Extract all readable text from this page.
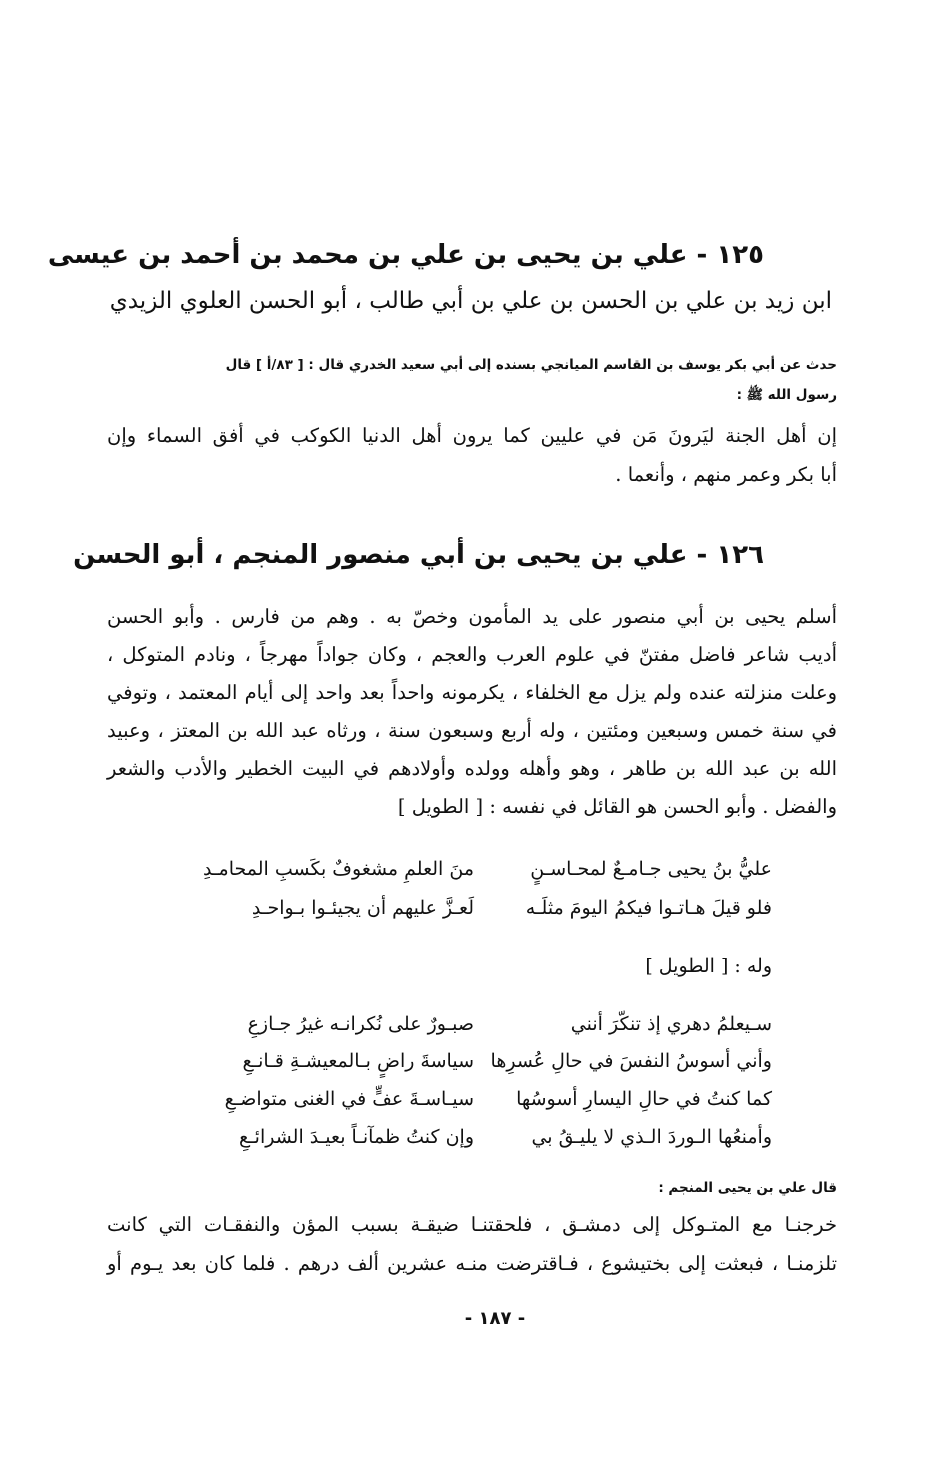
١٢٥ - علي بن يحيى بن علي بن محمد بن أحمد بن عيسى
ابن زيد بن علي بن الحسن بن علي بن أبي طالب ، أبو الحسن العلوي الزيدي
حدث عن أبي بكر يوسف بن القاسم الميانجي بسنده إلى أبي سعيد الخدري قال : [ ٨٣/أ ] قال
رسول الله ﷺ :
إن أهل الجنة ليَرونَ مَن في عليين كما يرون أهل الدنيا الكوكب في أفق السماء وإن
أبا بكر وعمر منهم ، وأنعما .
١٢٦ - علي بن يحيى بن أبي منصور المنجم ، أبو الحسن
أسلم يحيى بن أبي منصور على يد المأمون وخصّ به . وهم من فارس . وأبو الحسن
أديب شاعر فاضل مفتنّ في علوم العرب والعجم ، وكان جواداً مهرجاً ، ونادم المتوكل ،
وعلت منزلته عنده ولم يزل مع الخلفاء ، يكرمونه واحداً بعد واحد إلى أيام المعتمد ، وتوفي
في سنة خمس وسبعين ومئتين ، وله أربع وسبعون سنة ، ورثاه عبد الله بن المعتز ، وعبيد
الله بن عبد الله بن طاهر ، وهو وأهله وولده وأولادهم في البيت الخطير والأدب والشعر
والفضل . وأبو الحسن هو القائل في نفسه : [ الطويل ]
عليُّ بنُ يحيى جـامـعٌ لمحـاسـنٍ
منَ العلمِ مشغوفٌ بكَسبِ المحامـدِ
فلو قيلَ هـاتـوا فيكمُ اليومَ مثلَـه
لَعـزَّ عليهم أن يجيئـوا بـواحـدِ
وله : [ الطويل ]
سـيعلمُ دهري إذ تنكّرَ أنني
صبـورٌ على نُكرانـه غيرُ جـازعِ
وأني أسوسُ النفسَ في حالِ عُسرِها
سياسةَ راضٍ بـالمعيشـةِ قـانـعِ
كما كنتُ في حالِ اليسارِ أسوسُها
سيـاسـةَ عفٍّ في الغنى متواضـعِ
وأمنعُها الـوردَ الـذي لا يليـقُ بي
وإن كنتُ ظمآنـاً بعيـدَ الشرائـعِ
قال علي بن يحيى المنجم :
خرجنـا مع المتـوكل إلى دمشـق ، فلحقتنـا ضيقـة بسبب المؤن والنفقـات التي كانت
تلزمنـا ، فبعثت إلى بختيشوع ، فـاقترضت منـه عشرين ألف درهم . فلما كان بعد يـوم أو
- ١٨٧ -
